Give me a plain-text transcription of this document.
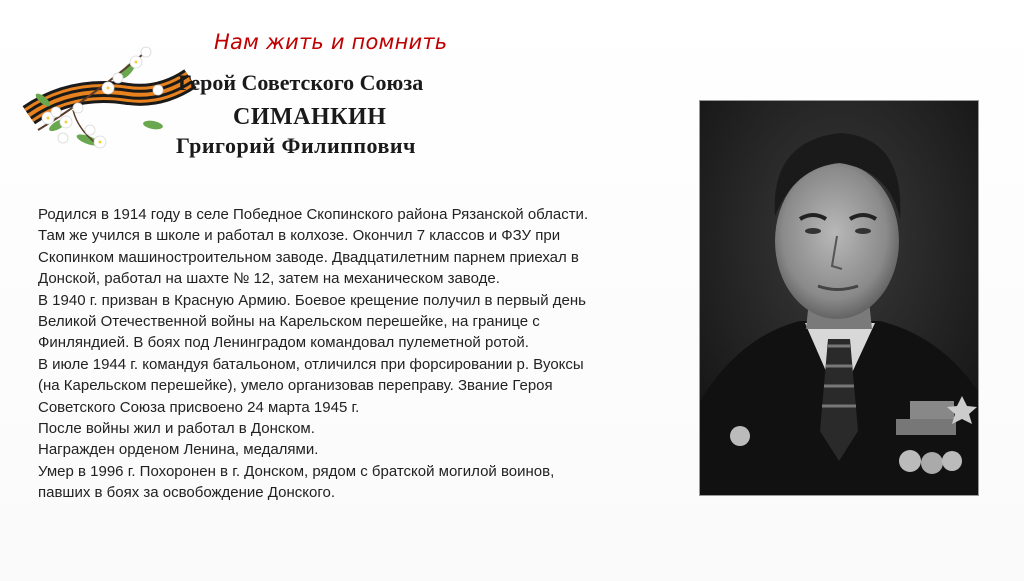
Нам жить и помнить
Герой Советского Союза
СИМАНКИН
Григорий Филиппович
Родился в 1914 году в селе Победное Скопинского района Рязанской области.
Там же учился в школе и работал в колхозе. Окончил 7 классов и ФЗУ при
Скопинком машиностроительном заводе. Двадцатилетним парнем приехал в
Донской, работал на шахте № 12, затем на механическом заводе.
В 1940 г. призван в Красную Армию. Боевое крещение получил в первый день
Великой Отечественной войны на Карельском перешейке, на границе с
Финляндией. В боях под Ленинградом командовал пулеметной ротой.
В июле 1944 г. командуя батальоном, отличился при форсировании р. Вуоксы
(на Карельском перешейке), умело организовав переправу. Звание Героя
Советского Союза присвоено 24 марта 1945 г.
После войны жил и работал в Донском.
Награжден орденом Ленина, медалями.
Умер в 1996 г. Похоронен в г. Донском, рядом с братской могилой воинов,
павших в боях за освобождение Донского.
